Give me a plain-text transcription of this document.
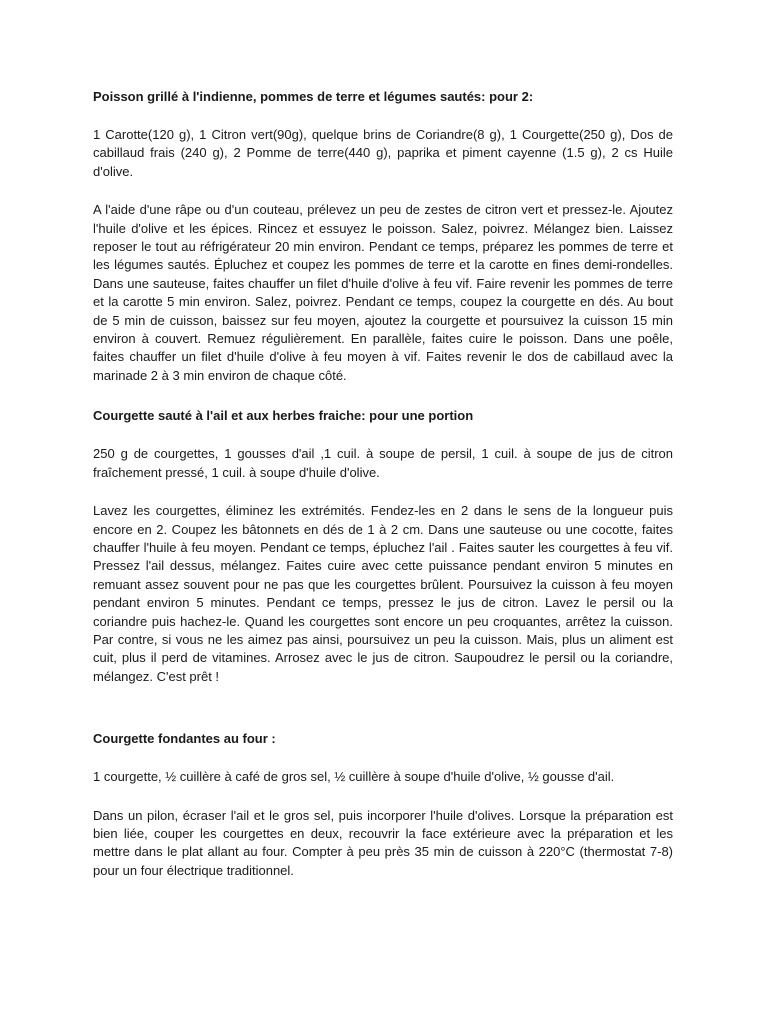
Poisson grillé à l'indienne, pommes de terre et légumes sautés: pour 2:

1 Carotte(120 g), 1 Citron vert(90g), quelque brins de Coriandre(8 g), 1 Courgette(250 g), Dos de cabillaud frais (240 g), 2 Pomme de terre(440 g), paprika et piment cayenne (1.5 g), 2 cs Huile d'olive.

A l'aide d'une râpe ou d'un couteau, prélevez un peu de zestes de citron vert et pressez-le. Ajoutez l'huile d'olive et les épices. Rincez et essuyez le poisson. Salez, poivrez. Mélangez bien. Laissez reposer le tout au réfrigérateur 20 min environ. Pendant ce temps, préparez les pommes de terre et les légumes sautés. Épluchez et coupez les pommes de terre et la carotte en fines demi-rondelles. Dans une sauteuse, faites chauffer un filet d'huile d'olive à feu vif. Faire revenir les pommes de terre et la carotte 5 min environ. Salez, poivrez. Pendant ce temps, coupez la courgette en dés. Au bout de 5 min de cuisson, baissez sur feu moyen, ajoutez la courgette et poursuivez la cuisson 15 min environ à couvert. Remuez régulièrement. En parallèle, faites cuire le poisson. Dans une poêle, faites chauffer un filet d'huile d'olive à feu moyen à vif. Faites revenir le dos de cabillaud avec la marinade 2 à 3 min environ de chaque côté.

Courgette sauté à l'ail et aux herbes fraiche: pour une portion

250 g de courgettes, 1 gousses d'ail ,1 cuil. à soupe de persil, 1 cuil. à soupe de jus de citron fraîchement pressé, 1 cuil. à soupe d'huile d'olive.

Lavez les courgettes, éliminez les extrémités. Fendez-les en 2 dans le sens de la longueur puis encore en 2. Coupez les bâtonnets en dés de 1 à 2 cm. Dans une sauteuse ou une cocotte, faites chauffer l'huile à feu moyen. Pendant ce temps, épluchez l'ail . Faites sauter les courgettes à feu vif. Pressez l'ail dessus, mélangez. Faites cuire avec cette puissance pendant environ 5 minutes en remuant assez souvent pour ne pas que les courgettes brûlent. Poursuivez la cuisson à feu moyen pendant environ 5 minutes. Pendant ce temps, pressez le jus de citron. Lavez le persil ou la coriandre puis hachez-le. Quand les courgettes sont encore un peu croquantes, arrêtez la cuisson. Par contre, si vous ne les aimez pas ainsi, poursuivez un peu la cuisson. Mais, plus un aliment est cuit, plus il perd de vitamines. Arrosez avec le jus de citron. Saupoudrez le persil ou la coriandre, mélangez. C'est prêt !

Courgette fondantes au four :

1 courgette, ½ cuillère à café de gros sel, ½ cuillère à soupe d'huile d'olive, ½ gousse d'ail.

Dans un pilon, écraser l'ail et le gros sel, puis incorporer l'huile d'olives. Lorsque la préparation est bien liée, couper les courgettes en deux, recouvrir la face extérieure avec la préparation et les mettre dans le plat allant au four. Compter à peu près 35 min de cuisson à 220°C (thermostat 7-8) pour un four électrique traditionnel.
